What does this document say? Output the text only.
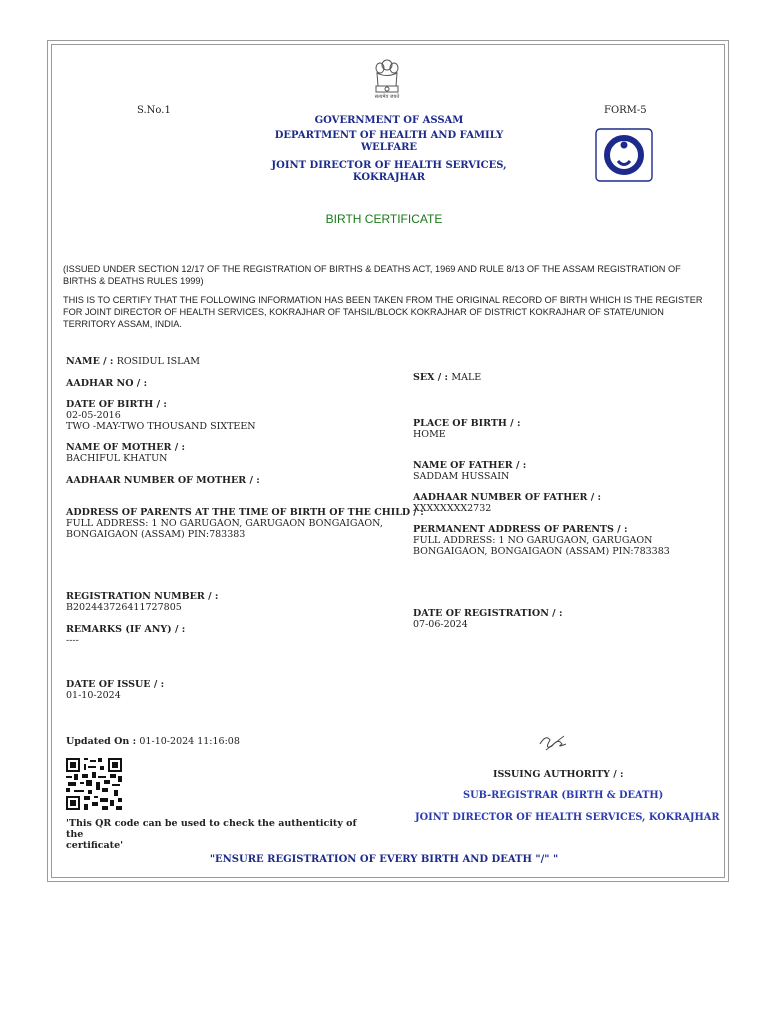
सत्यमेव जयते
S.No.1	FORM-5
GOVERNMENT OF ASSAM
DEPARTMENT OF HEALTH AND FAMILY
WELFARE
JOINT DIRECTOR OF HEALTH SERVICES,
KOKRAJHAR
BIRTH CERTIFICATE
(ISSUED UNDER SECTION 12/17 OF THE REGISTRATION OF BIRTHS & DEATHS ACT, 1969 AND RULE 8/13 OF THE ASSAM REGISTRATION OF BIRTHS & DEATHS RULES 1999)
THIS IS TO CERTIFY THAT THE FOLLOWING INFORMATION HAS BEEN TAKEN FROM THE ORIGINAL RECORD OF BIRTH WHICH IS THE REGISTER FOR JOINT DIRECTOR OF HEALTH SERVICES, KOKRAJHAR OF TAHSIL/BLOCK KOKRAJHAR OF DISTRICT KOKRAJHAR OF STATE/UNION TERRITORY ASSAM, INDIA.
NAME / : ROSIDUL ISLAM
AADHAR NO / :
DATE OF BIRTH / :
02-05-2016
TWO -MAY-TWO THOUSAND SIXTEEN
NAME OF MOTHER / :
BACHIFUL KHATUN
AADHAAR NUMBER OF MOTHER / :
ADDRESS OF PARENTS AT THE TIME OF BIRTH OF THE CHILD / :
FULL ADDRESS: 1 NO GARUGAON, GARUGAON BONGAIGAON,
BONGAIGAON (ASSAM) PIN:783383
REGISTRATION NUMBER / :
B202443726411727805
REMARKS (IF ANY) / :
----
DATE OF ISSUE / :
01-10-2024
SEX / : MALE
PLACE OF BIRTH / :
HOME
NAME OF FATHER / :
SADDAM HUSSAIN
AADHAAR NUMBER OF FATHER / :
XXXXXXXX2732
PERMANENT ADDRESS OF PARENTS / :
FULL ADDRESS: 1 NO GARUGAON, GARUGAON
BONGAIGAON, BONGAIGAON (ASSAM) PIN:783383
DATE OF REGISTRATION / :
07-06-2024
Updated On : 01-10-2024 11:16:08
'This QR code can be used to check the authenticity of the
certificate'
ISSUING AUTHORITY / :
SUB-REGISTRAR (BIRTH & DEATH)
JOINT DIRECTOR OF HEALTH SERVICES, KOKRAJHAR
"ENSURE REGISTRATION OF EVERY BIRTH AND DEATH "/" "
